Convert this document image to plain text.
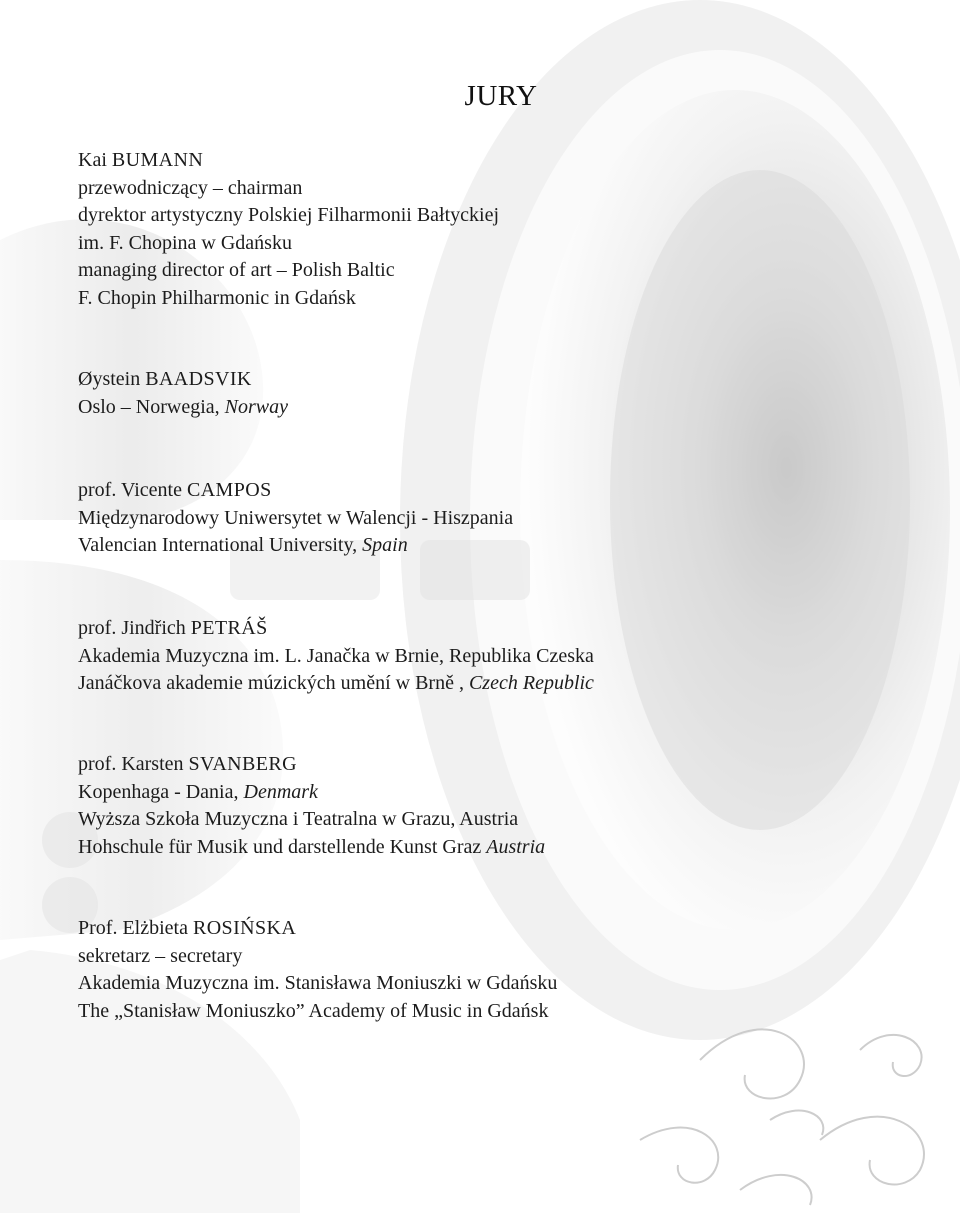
JURY
Kai BUMANN
przewodniczący – chairman
dyrektor artystyczny Polskiej Filharmonii Bałtyckiej
im. F. Chopina w Gdańsku
managing director of art – Polish Baltic
F. Chopin Philharmonic in Gdańsk
Øystein BAADSVIK
Oslo – Norwegia, Norway
prof. Vicente CAMPOS
Międzynarodowy Uniwersytet w Walencji - Hiszpania
Valencian International University, Spain
prof. Jindřich PETRÁŠ
Akademia Muzyczna im. L. Janačka w Brnie, Republika Czeska
Janáčkova akademie múzických umění w Brně , Czech Republic
prof. Karsten SVANBERG
Kopenhaga - Dania, Denmark
Wyższa Szkoła Muzyczna i Teatralna w Grazu, Austria
Hohschule für Musik und darstellende Kunst Graz Austria
Prof. Elżbieta ROSIŃSKA
sekretarz – secretary
Akademia Muzyczna im. Stanisława Moniuszki w Gdańsku
The „Stanisław Moniuszko” Academy of Music in Gdańsk
